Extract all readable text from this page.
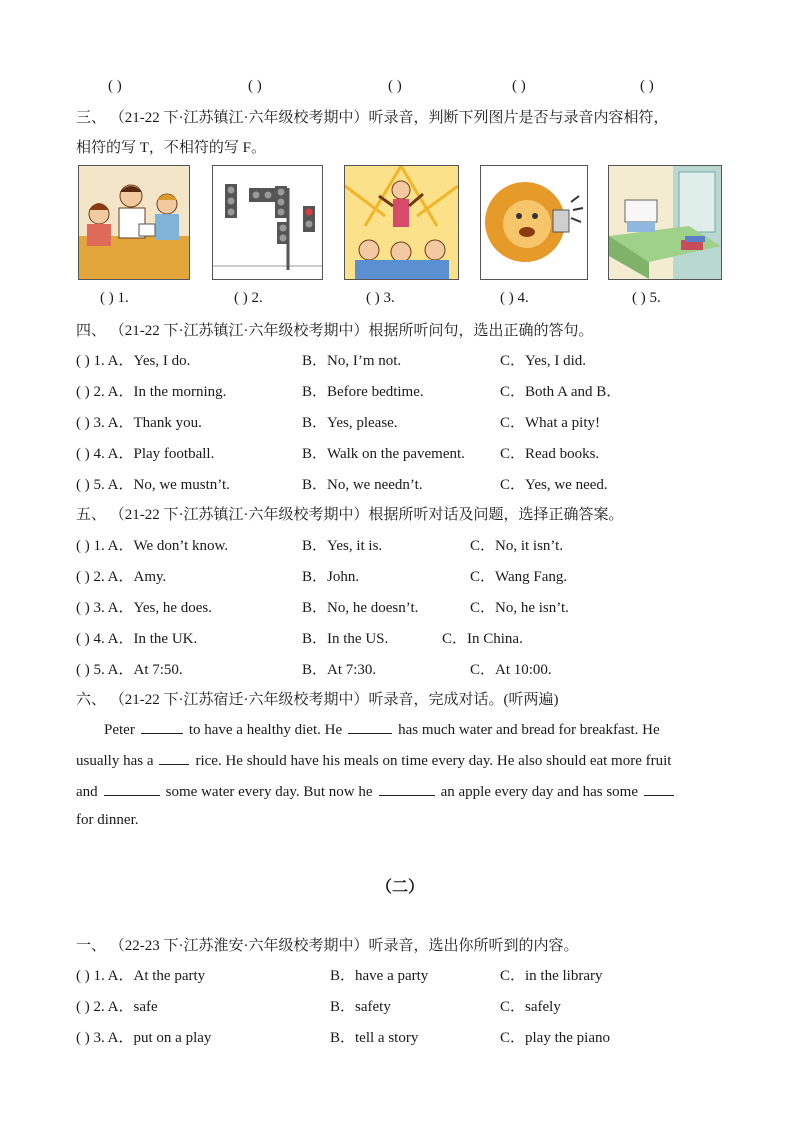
( )	( )	( )	( )	( )
三、 （21-22 下·江苏镇江·六年级校考期中）听录音，判断下列图片是否与录音内容相符，
相符的写 T，不相符的写 F。
( ) 1.	( ) 2.	( ) 3.	( ) 4.	( ) 5.
四、 （21-22 下·江苏镇江·六年级校考期中）根据所听问句，选出正确的答句。
( ) 1. A．Yes, I do.	B．No, I’m not.	C．Yes, I did.
( ) 2. A．In the morning.	B．Before bedtime.	C．Both A and B．
( ) 3. A．Thank you.	B．Yes, please.	C．What a pity!
( ) 4. A．Play football.	B．Walk on the pavement. C．Read books.
( ) 5. A．No, we mustn’t.	B．No, we needn’t.	C．Yes, we need.
五、 （21-22 下·江苏镇江·六年级校考期中）根据所听对话及问题，选择正确答案。
( ) 1. A．We don’t know.	B．Yes, it is.	C．No, it isn’t.
( ) 2. A．Amy.	B．John.	C．Wang Fang.
( ) 3. A．Yes, he does.	B．No, he doesn’t.	C．No, he isn’t.
( ) 4. A．In the UK.	B．In the US.	C．In China.
( ) 5. A．At 7:50.	B．At 7:30.	C．At 10:00.
六、 （21-22 下·江苏宿迁·六年级校考期中）听录音，完成对话。(听两遍)
Peter	to have a healthy diet. He	has much water and bread for breakfast. He
usually has a	rice. He should have his meals on time every day. He also should eat more fruit
and	some water every day. But now he	an apple every day and has some
for dinner.
（二）
一、 （22-23 下·江苏淮安·六年级校考期中）听录音，选出你所听到的内容。
( ) 1. A．At the party	B．have a party	C．in the library
( ) 2. A．safe	B．safety	C．safely
( ) 3. A．put on a play	B．tell a story	C．play the piano
